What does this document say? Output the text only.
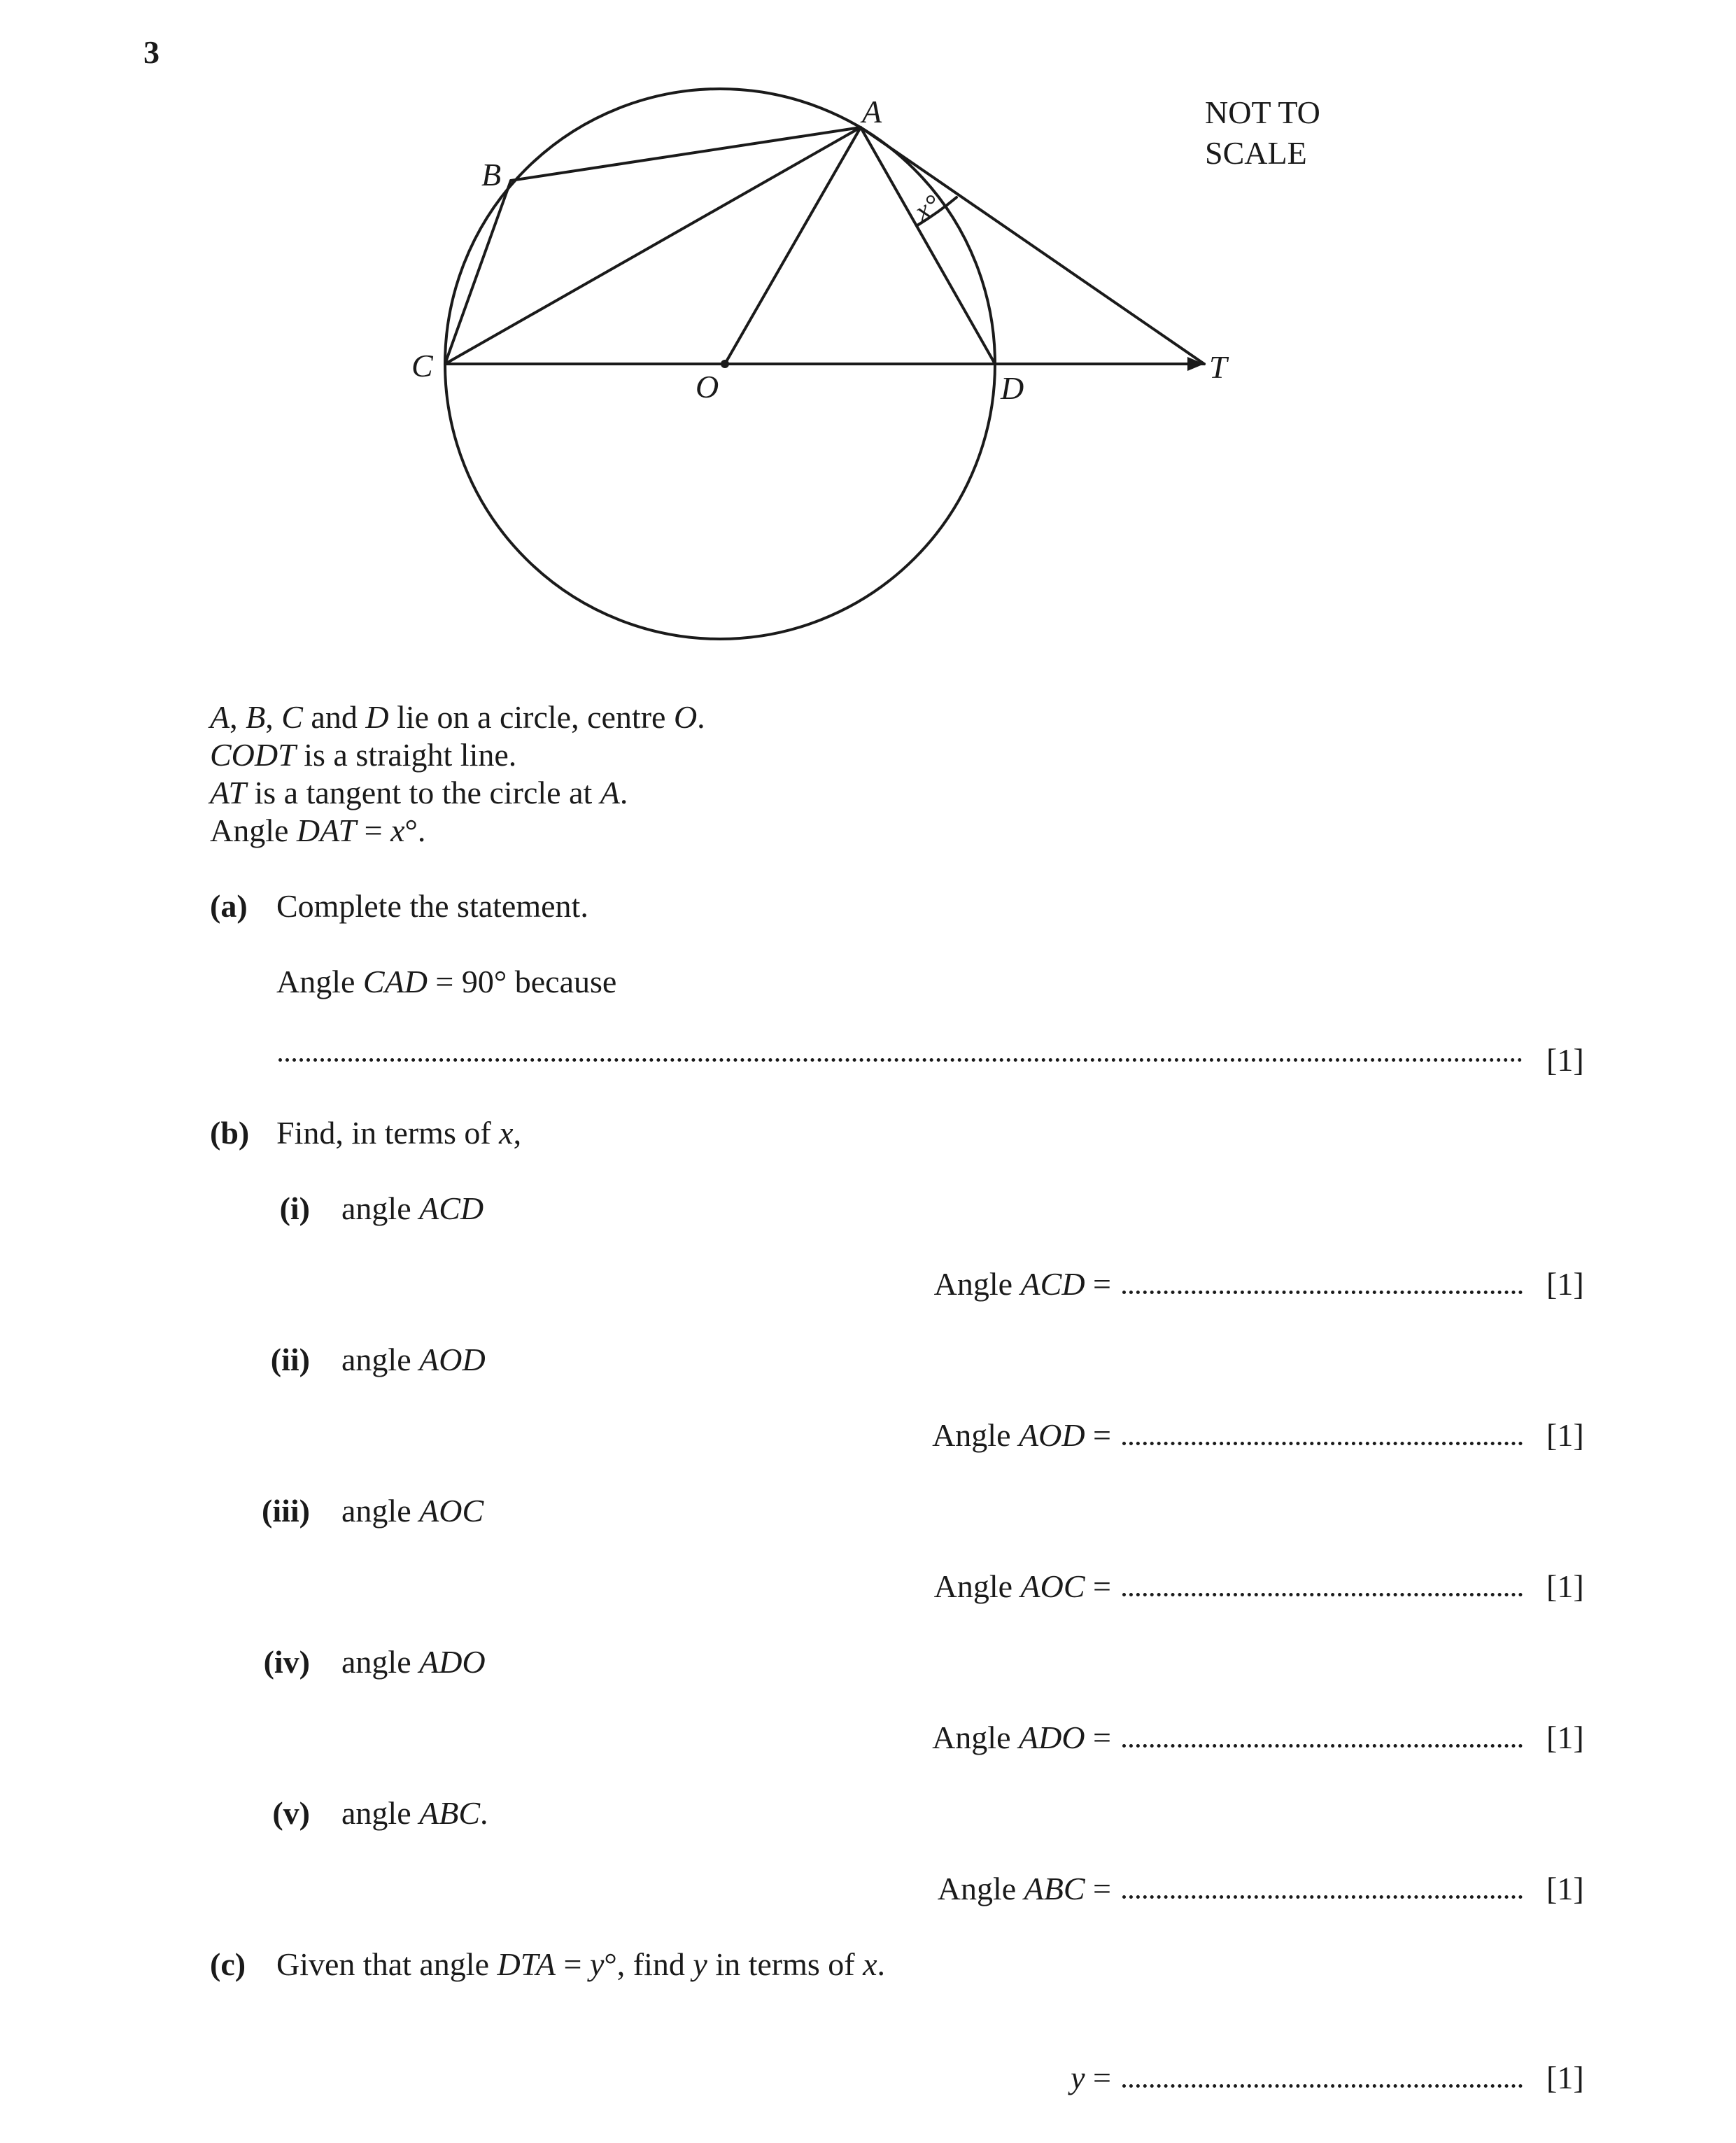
3
A
B
C
O	D
T
x°
NOT TO
SCALE
A, B, C and D lie on a circle, centre O.
CODT is a straight line.
AT is a tangent to the circle at A.
Angle DAT = x°.
(a) Complete the statement.
Angle CAD = 90° because
[1]
(b) Find, in terms of x,
(i) angle ACD
Angle ACD =	[1]
(ii) angle AOD
Angle AOD =	[1]
(iii) angle AOC
Angle AOC =	[1]
(iv) angle ADO
Angle ADO =	[1]
(v) angle ABC.
Angle ABC =	[1]
(c) Given that angle DTA = y°, find y in terms of x.
y =	[1]
